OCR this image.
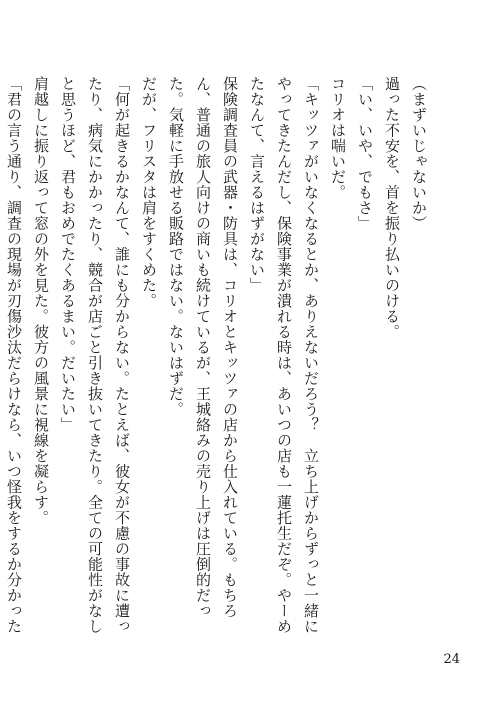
（まずいじゃないか）

過った不安を、首を振り払いのける。

「い、いや、でもさ」

コリオは喘いだ。

「キッツァがいなくなるとか、ありえないだろう？　立ち上げからずっと一緒にやってきたんだし、保険事業が潰れる時は、あいつの店も一蓮托生だぞ。やーめたなんて、言えるはずがない」

保険調査員の武器・防具は、コリオとキッツァの店から仕入れている。もちろん、普通の旅人向けの商いも続けているが、王城絡みの売り上げは圧倒的だった。気軽に手放せる販路ではない。ないはずだ。

だが、フリスタは肩をすくめた。

「何が起きるかなんて、誰にも分からない。たとえば、彼女が不慮の事故に遭ったり、病気にかかったり、競合が店ごと引き抜いてきたり。全ての可能性がなしと思うほど、君もおめでたくあるまい。だいたい」

肩越しに振り返って窓の外を見た。彼方の風景に視線を凝らす。

「君の言う通り、調査の現場が刃傷沙汰だらけなら、いつ怪我をするか分かった

24
